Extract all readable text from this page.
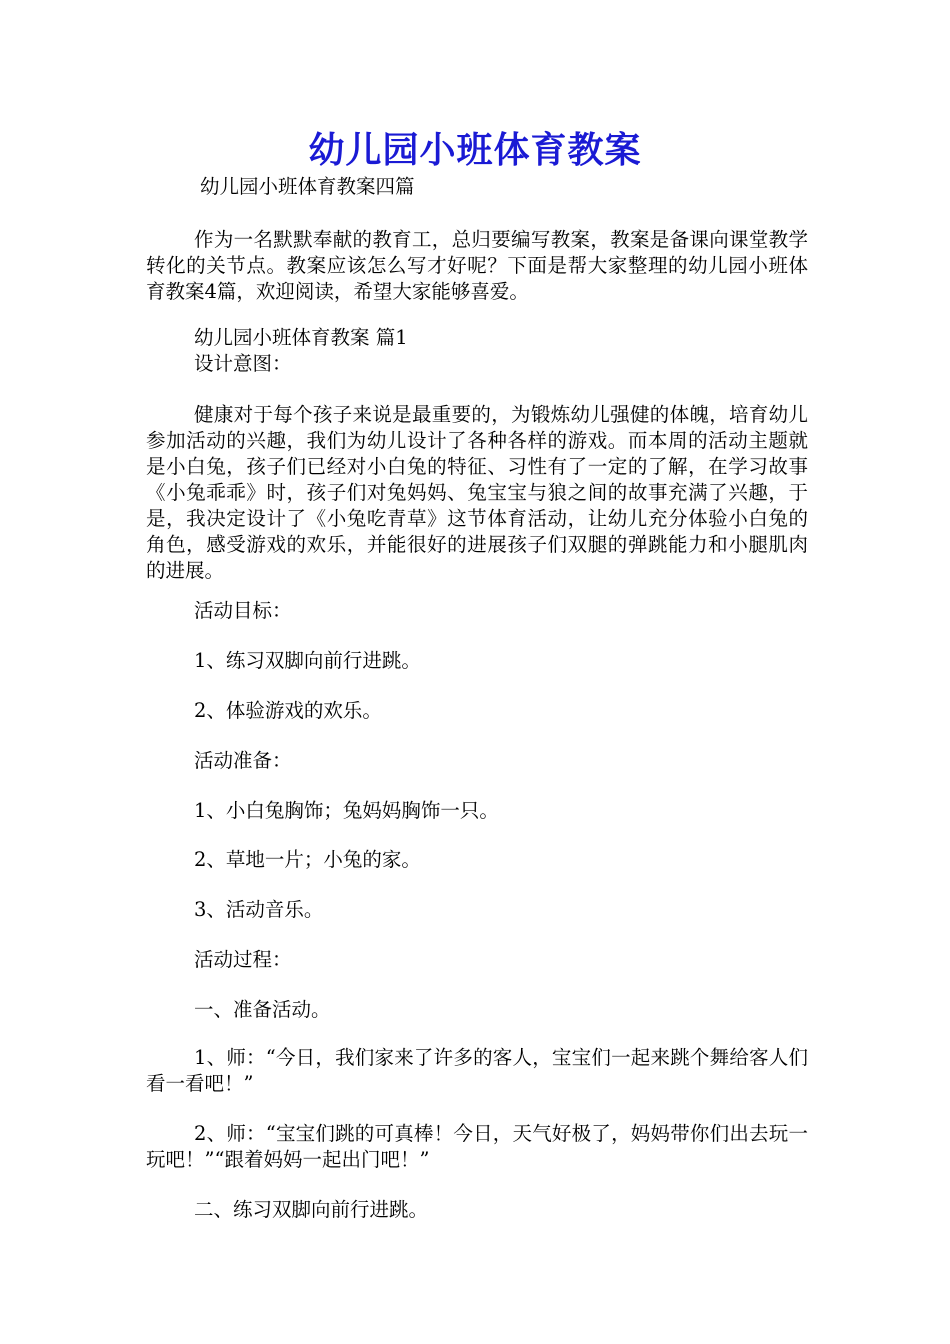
幼儿园小班体育教案

幼儿园小班体育教案四篇

作为一名默默奉献的教育工，总归要编写教案，教案是备课向课堂教学转化的关节点。教案应该怎么写才好呢？下面是帮大家整理的幼儿园小班体育教案4篇，欢迎阅读，希望大家能够喜爱。

幼儿园小班体育教案 篇1

设计意图：

健康对于每个孩子来说是最重要的，为锻炼幼儿强健的体魄，培育幼儿参加活动的兴趣，我们为幼儿设计了各种各样的游戏。而本周的活动主题就是小白兔，孩子们已经对小白兔的特征、习性有了一定的了解，在学习故事《小兔乖乖》时，孩子们对兔妈妈、兔宝宝与狼之间的故事充满了兴趣，于是，我决定设计了《小兔吃青草》这节体育活动，让幼儿充分体验小白兔的角色，感受游戏的欢乐，并能很好的进展孩子们双腿的弹跳能力和小腿肌肉的进展。

活动目标：

1、练习双脚向前行进跳。

2、体验游戏的欢乐。

活动准备：

1、小白兔胸饰；兔妈妈胸饰一只。

2、草地一片；小兔的家。

3、活动音乐。

活动过程：

一、准备活动。

1、师：“今日，我们家来了许多的客人，宝宝们一起来跳个舞给客人们看一看吧！”

2、师：“宝宝们跳的可真棒！今日，天气好极了，妈妈带你们出去玩一玩吧！”“跟着妈妈一起出门吧！”

二、练习双脚向前行进跳。
